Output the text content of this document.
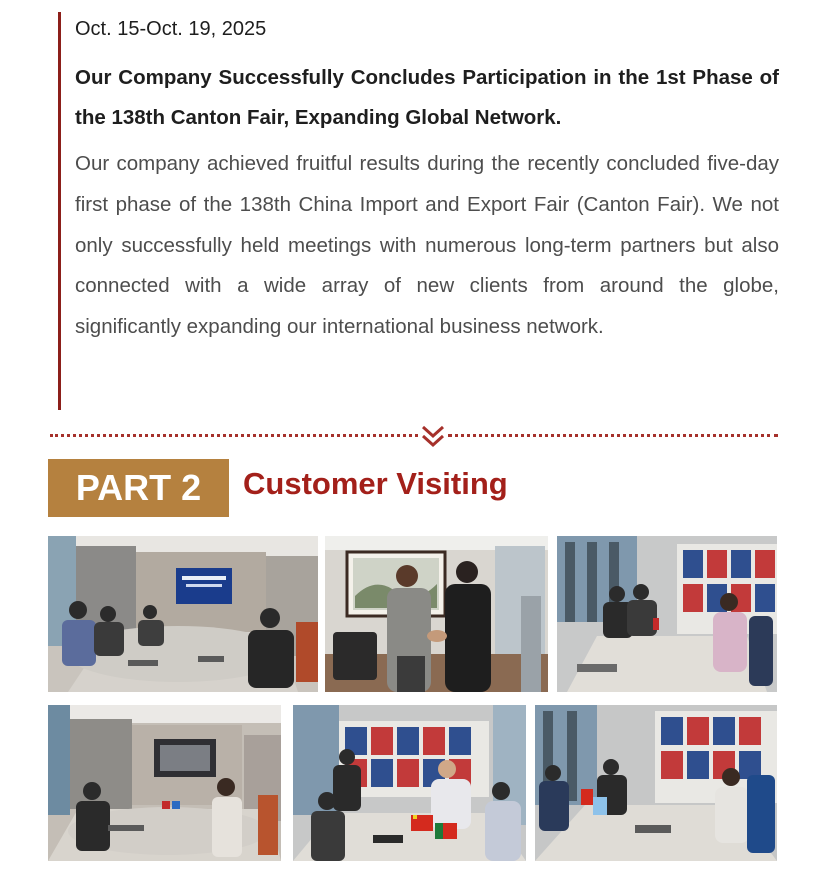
Oct. 15-Oct. 19, 2025
Our Company Successfully Concludes Participation in the 1st Phase of the 138th Canton Fair, Expanding Global Network.
Our company achieved fruitful results during the recently concluded five-day first phase of the 138th China Import and Export Fair (Canton Fair). We not only successfully held meetings with numerous long-term partners but also connected with a wide array of new clients from around the globe, significantly expanding our international business network.
PART 2	Customer Visiting
